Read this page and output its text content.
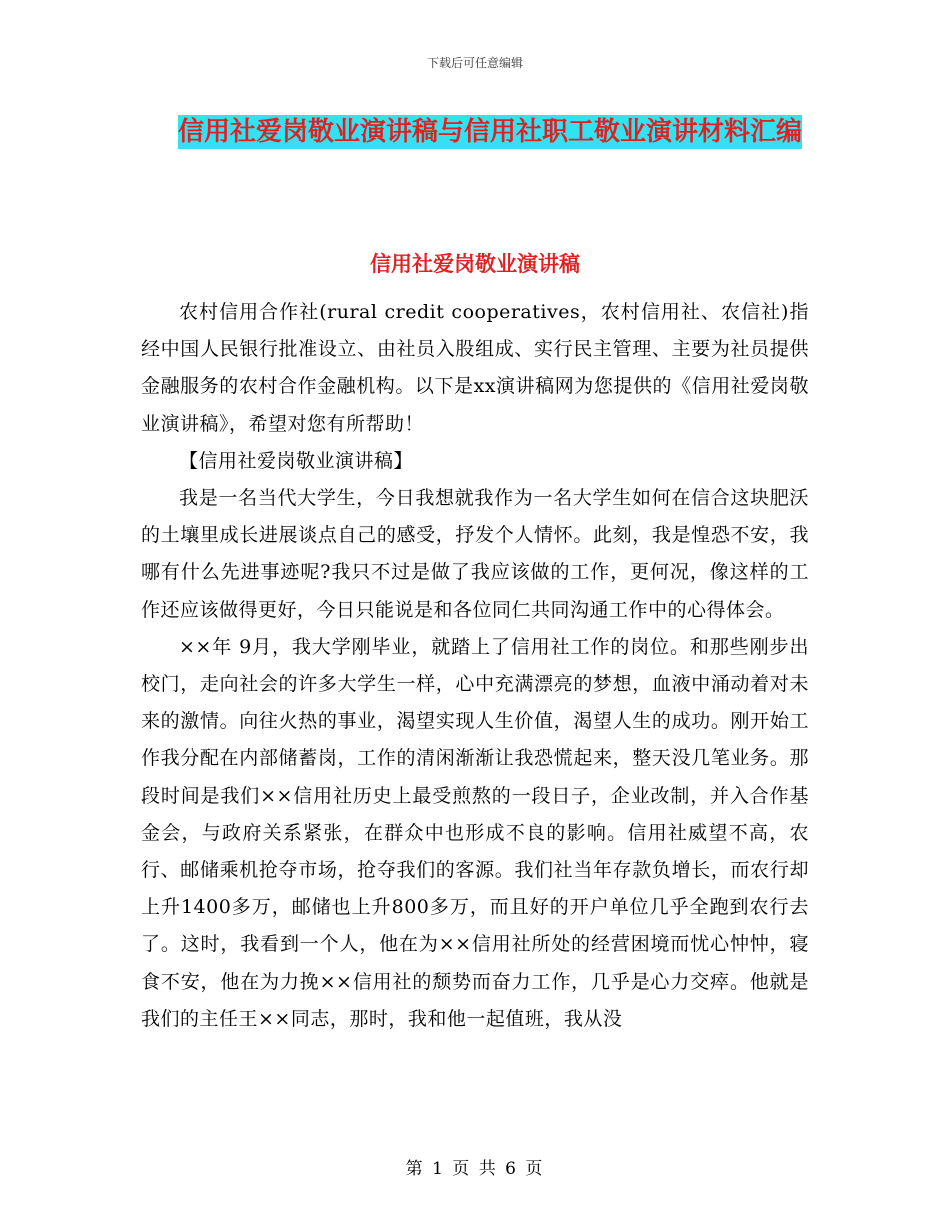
下载后可任意编辑
信用社爱岗敬业演讲稿与信用社职工敬业演讲材料汇编
信用社爱岗敬业演讲稿

农村信用合作社(rural credit cooperatives，农村信用社、农信社)指经中国人民银行批准设立、由社员入股组成、实行民主管理、主要为社员提供金融服务的农村合作金融机构。以下是xx演讲稿网为您提供的《信用社爱岗敬业演讲稿》，希望对您有所帮助！

【信用社爱岗敬业演讲稿】

我是一名当代大学生，今日我想就我作为一名大学生如何在信合这块肥沃的土壤里成长进展谈点自己的感受，抒发个人情怀。此刻，我是惶恐不安，我哪有什么先进事迹呢?我只不过是做了我应该做的工作，更何况，像这样的工作还应该做得更好，今日只能说是和各位同仁共同沟通工作中的心得体会。

××年 9月，我大学刚毕业，就踏上了信用社工作的岗位。和那些刚步出校门，走向社会的许多大学生一样，心中充满漂亮的梦想，血液中涌动着对未来的激情。向往火热的事业，渴望实现人生价值，渴望人生的成功。刚开始工作我分配在内部储蓄岗，工作的清闲渐渐让我恐慌起来，整天没几笔业务。那段时间是我们××信用社历史上最受煎熬的一段日子，企业改制，并入合作基金会，与政府关系紧张，在群众中也形成不良的影响。信用社威望不高，农行、邮储乘机抢夺市场，抢夺我们的客源。我们社当年存款负增长，而农行却上升1400多万，邮储也上升800多万，而且好的开户单位几乎全跑到农行去了。这时，我看到一个人，他在为××信用社所处的经营困境而忧心忡忡，寝食不安，他在为力挽××信用社的颓势而奋力工作，几乎是心力交瘁。他就是我们的主任王××同志，那时，我和他一起值班，我从没

第 1 页 共 6 页
